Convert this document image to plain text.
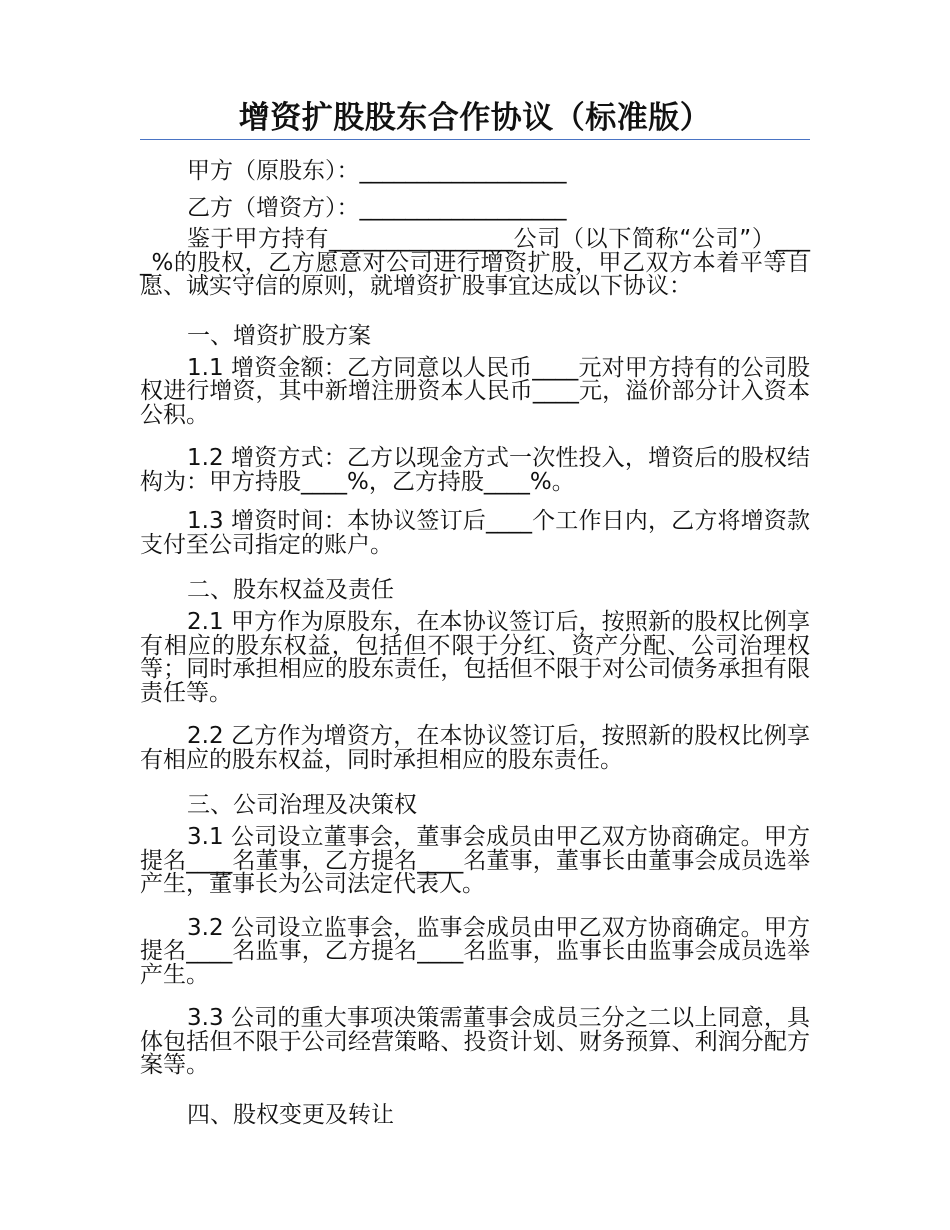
增资扩股股东合作协议（标准版）

甲方（原股东）：__________________

乙方（增资方）：__________________

鉴于甲方持有________________公司（以下简称“公司”）____%的股权，乙方愿意对公司进行增资扩股，甲乙双方本着平等自愿、诚实守信的原则，就增资扩股事宜达成以下协议：

一、增资扩股方案

1.1 增资金额：乙方同意以人民币____元对甲方持有的公司股权进行增资，其中新增注册资本人民币____元，溢价部分计入资本公积。

1.2 增资方式：乙方以现金方式一次性投入，增资后的股权结构为：甲方持股____%，乙方持股____%。

1.3 增资时间：本协议签订后____个工作日内，乙方将增资款支付至公司指定的账户。

二、股东权益及责任

2.1 甲方作为原股东，在本协议签订后，按照新的股权比例享有相应的股东权益，包括但不限于分红、资产分配、公司治理权等；同时承担相应的股东责任，包括但不限于对公司债务承担有限责任等。

2.2 乙方作为增资方，在本协议签订后，按照新的股权比例享有相应的股东权益，同时承担相应的股东责任。

三、公司治理及决策权

3.1 公司设立董事会，董事会成员由甲乙双方协商确定。甲方提名____名董事，乙方提名____名董事，董事长由董事会成员选举产生，董事长为公司法定代表人。

3.2 公司设立监事会，监事会成员由甲乙双方协商确定。甲方提名____名监事，乙方提名____名监事，监事长由监事会成员选举产生。

3.3 公司的重大事项决策需董事会成员三分之二以上同意，具体包括但不限于公司经营策略、投资计划、财务预算、利润分配方案等。

四、股权变更及转让
